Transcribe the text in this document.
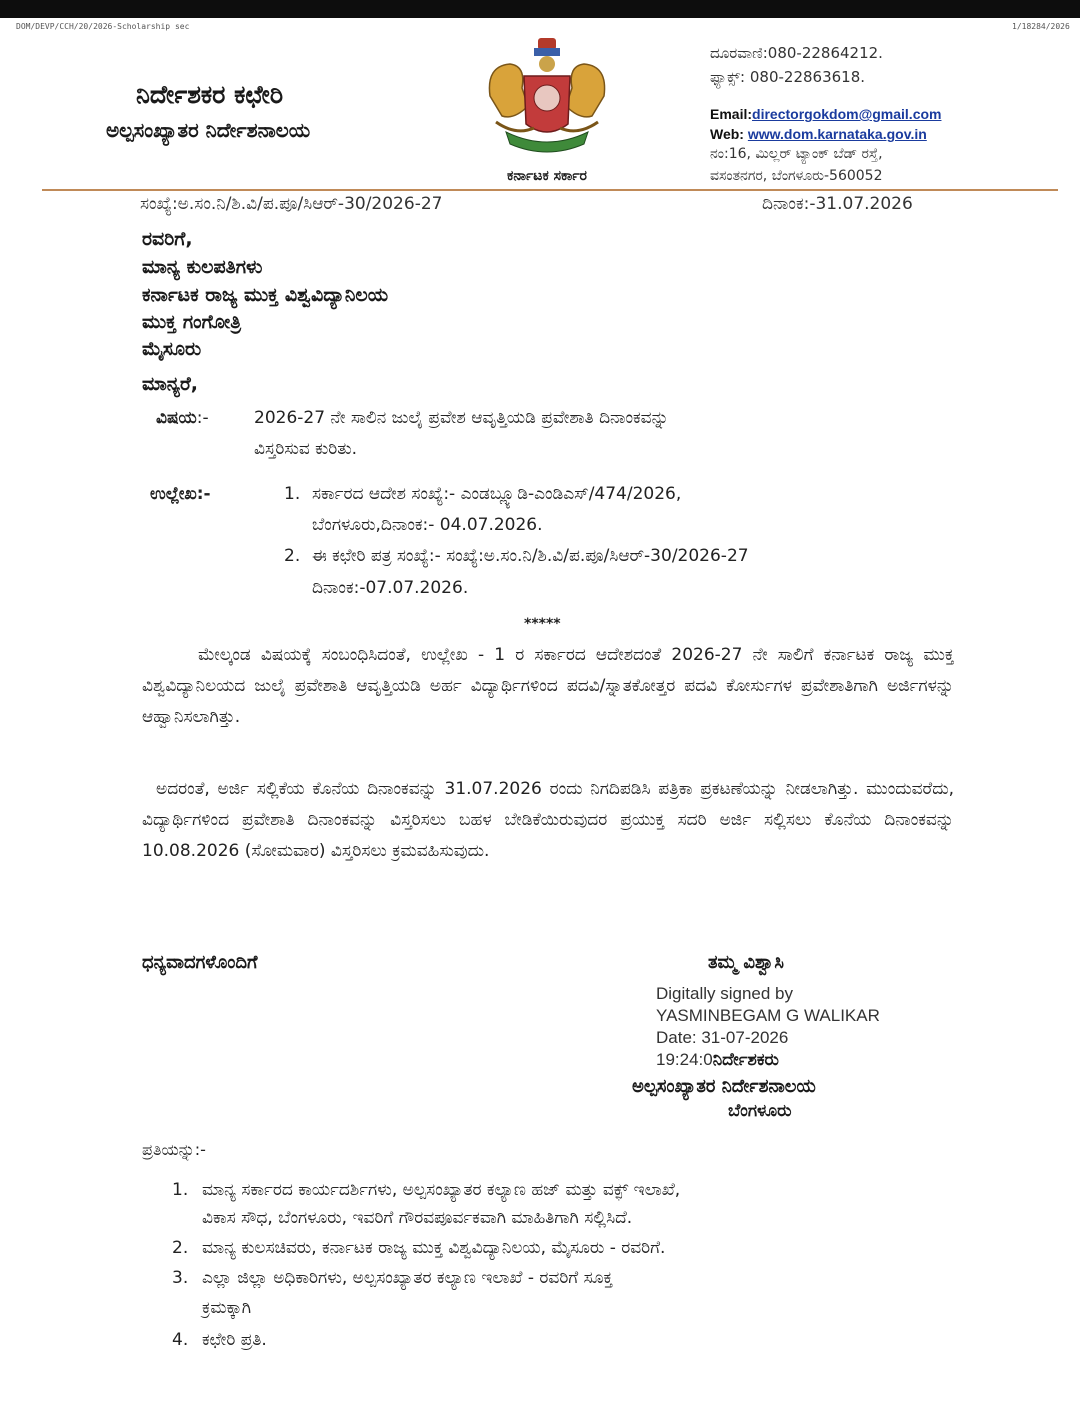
DOM/DEVP/CCH/20/2026-Scholarship sec	1/18284/2026
ನಿರ್ದೇಶಕರ ಕಛೇರಿ
ಅಲ್ಪಸಂಖ್ಯಾತರ ನಿರ್ದೇಶನಾಲಯ
ಕರ್ನಾಟಕ ಸರ್ಕಾರ
ದೂರವಾಣಿ:080-22864212.
ಫ್ಯಾಕ್ಸ್: 080-22863618.
Email:directorgokdom@gmail.com
Web: www.dom.karnataka.gov.in
ನಂ:16, ಮಿಲ್ಲರ್ ಟ್ಯಾಂಕ್ ಬೆಡ್ ರಸ್ತೆ,
ವಸಂತನಗರ, ಬೆಂಗಳೂರು-560052
ಸಂಖ್ಯೆ:ಅ.ಸಂ.ನಿ/ಶಿ.ವಿ/ಪ.ಪೂ/ಸಿಆರ್-30/2026-27	ದಿನಾಂಕ:-31.07.2026
ರವರಿಗೆ,
ಮಾನ್ಯ ಕುಲಪತಿಗಳು
ಕರ್ನಾಟಕ ರಾಜ್ಯ ಮುಕ್ತ ವಿಶ್ವವಿದ್ಯಾನಿಲಯ
ಮುಕ್ತ ಗಂಗೋತ್ರಿ
ಮೈಸೂರು
ಮಾನ್ಯರೆ,
ವಿಷಯ:-	2026-27 ನೇ ಸಾಲಿನ ಜುಲೈ ಪ್ರವೇಶ ಆವೃತ್ತಿಯಡಿ ಪ್ರವೇಶಾತಿ ದಿನಾಂಕವನ್ನು
ವಿಸ್ತರಿಸುವ ಕುರಿತು.
ಉಲ್ಲೇಖ:-	1. ಸರ್ಕಾರದ ಆದೇಶ ಸಂಖ್ಯೆ:- ಎಂಡಬ್ಲ್ಯೂಡಿ-ಎಂಡಿಎಸ್/474/2026,
ಬೆಂಗಳೂರು,ದಿನಾಂಕ:- 04.07.2026.
2. ಈ ಕಛೇರಿ ಪತ್ರ ಸಂಖ್ಯೆ:- ಸಂಖ್ಯೆ:ಅ.ಸಂ.ನಿ/ಶಿ.ವಿ/ಪ.ಪೂ/ಸಿಆರ್-30/2026-27
ದಿನಾಂಕ:-07.07.2026.
*****
ಮೇಲ್ಕಂಡ ವಿಷಯಕ್ಕೆ ಸಂಬಂಧಿಸಿದಂತೆ, ಉಲ್ಲೇಖ - 1 ರ ಸರ್ಕಾರದ ಆದೇಶದಂತೆ 2026-27 ನೇ ಸಾಲಿಗೆ ಕರ್ನಾಟಕ ರಾಜ್ಯ ಮುಕ್ತ ವಿಶ್ವವಿದ್ಯಾನಿಲಯದ ಜುಲೈ ಪ್ರವೇಶಾತಿ ಆವೃತ್ತಿಯಡಿ ಅರ್ಹ ವಿದ್ಯಾರ್ಥಿಗಳಿಂದ ಪದವಿ/ಸ್ನಾತಕೋತ್ತರ ಪದವಿ ಕೋರ್ಸುಗಳ ಪ್ರವೇಶಾತಿಗಾಗಿ ಅರ್ಜಿಗಳನ್ನು ಆಹ್ವಾನಿಸಲಾಗಿತ್ತು.
ಅದರಂತೆ, ಅರ್ಜಿ ಸಲ್ಲಿಕೆಯ ಕೊನೆಯ ದಿನಾಂಕವನ್ನು 31.07.2026 ರಂದು ನಿಗದಿಪಡಿಸಿ ಪತ್ರಿಕಾ ಪ್ರಕಟಣೆಯನ್ನು ನೀಡಲಾಗಿತ್ತು. ಮುಂದುವರೆದು, ವಿದ್ಯಾರ್ಥಿಗಳಿಂದ ಪ್ರವೇಶಾತಿ ದಿನಾಂಕವನ್ನು ವಿಸ್ತರಿಸಲು ಬಹಳ ಬೇಡಿಕೆಯಿರುವುದರ ಪ್ರಯುಕ್ತ ಸದರಿ ಅರ್ಜಿ ಸಲ್ಲಿಸಲು ಕೊನೆಯ ದಿನಾಂಕವನ್ನು 10.08.2026 (ಸೋಮವಾರ) ವಿಸ್ತರಿಸಲು ಕ್ರಮವಹಿಸುವುದು.
ಧನ್ಯವಾದಗಳೊಂದಿಗೆ	ತಮ್ಮ ವಿಶ್ವಾಸಿ
Digitally signed by
YASMINBEGAM G WALIKAR
Date: 31-07-2026
19:24:0ನಿರ್ದೇಶಕರು
ಅಲ್ಪಸಂಖ್ಯಾತರ ನಿರ್ದೇಶನಾಲಯ
ಬೆಂಗಳೂರು
ಪ್ರತಿಯನ್ನು:-
1. ಮಾನ್ಯ ಸರ್ಕಾರದ ಕಾರ್ಯದರ್ಶಿಗಳು, ಅಲ್ಪಸಂಖ್ಯಾತರ ಕಲ್ಯಾಣ ಹಜ್ ಮತ್ತು ವಕ್ಫ್ ಇಲಾಖೆ,
ವಿಕಾಸ ಸೌಧ, ಬೆಂಗಳೂರು, ಇವರಿಗೆ ಗೌರವಪೂರ್ವಕವಾಗಿ ಮಾಹಿತಿಗಾಗಿ ಸಲ್ಲಿಸಿದೆ.
2. ಮಾನ್ಯ ಕುಲಸಚಿವರು, ಕರ್ನಾಟಕ ರಾಜ್ಯ ಮುಕ್ತ ವಿಶ್ವವಿದ್ಯಾನಿಲಯ, ಮೈಸೂರು - ರವರಿಗೆ.
3. ಎಲ್ಲಾ ಜಿಲ್ಲಾ ಅಧಿಕಾರಿಗಳು, ಅಲ್ಪಸಂಖ್ಯಾತರ ಕಲ್ಯಾಣ ಇಲಾಖೆ - ರವರಿಗೆ ಸೂಕ್ತ
ಕ್ರಮಕ್ಕಾಗಿ
4. ಕಛೇರಿ ಪ್ರತಿ.
